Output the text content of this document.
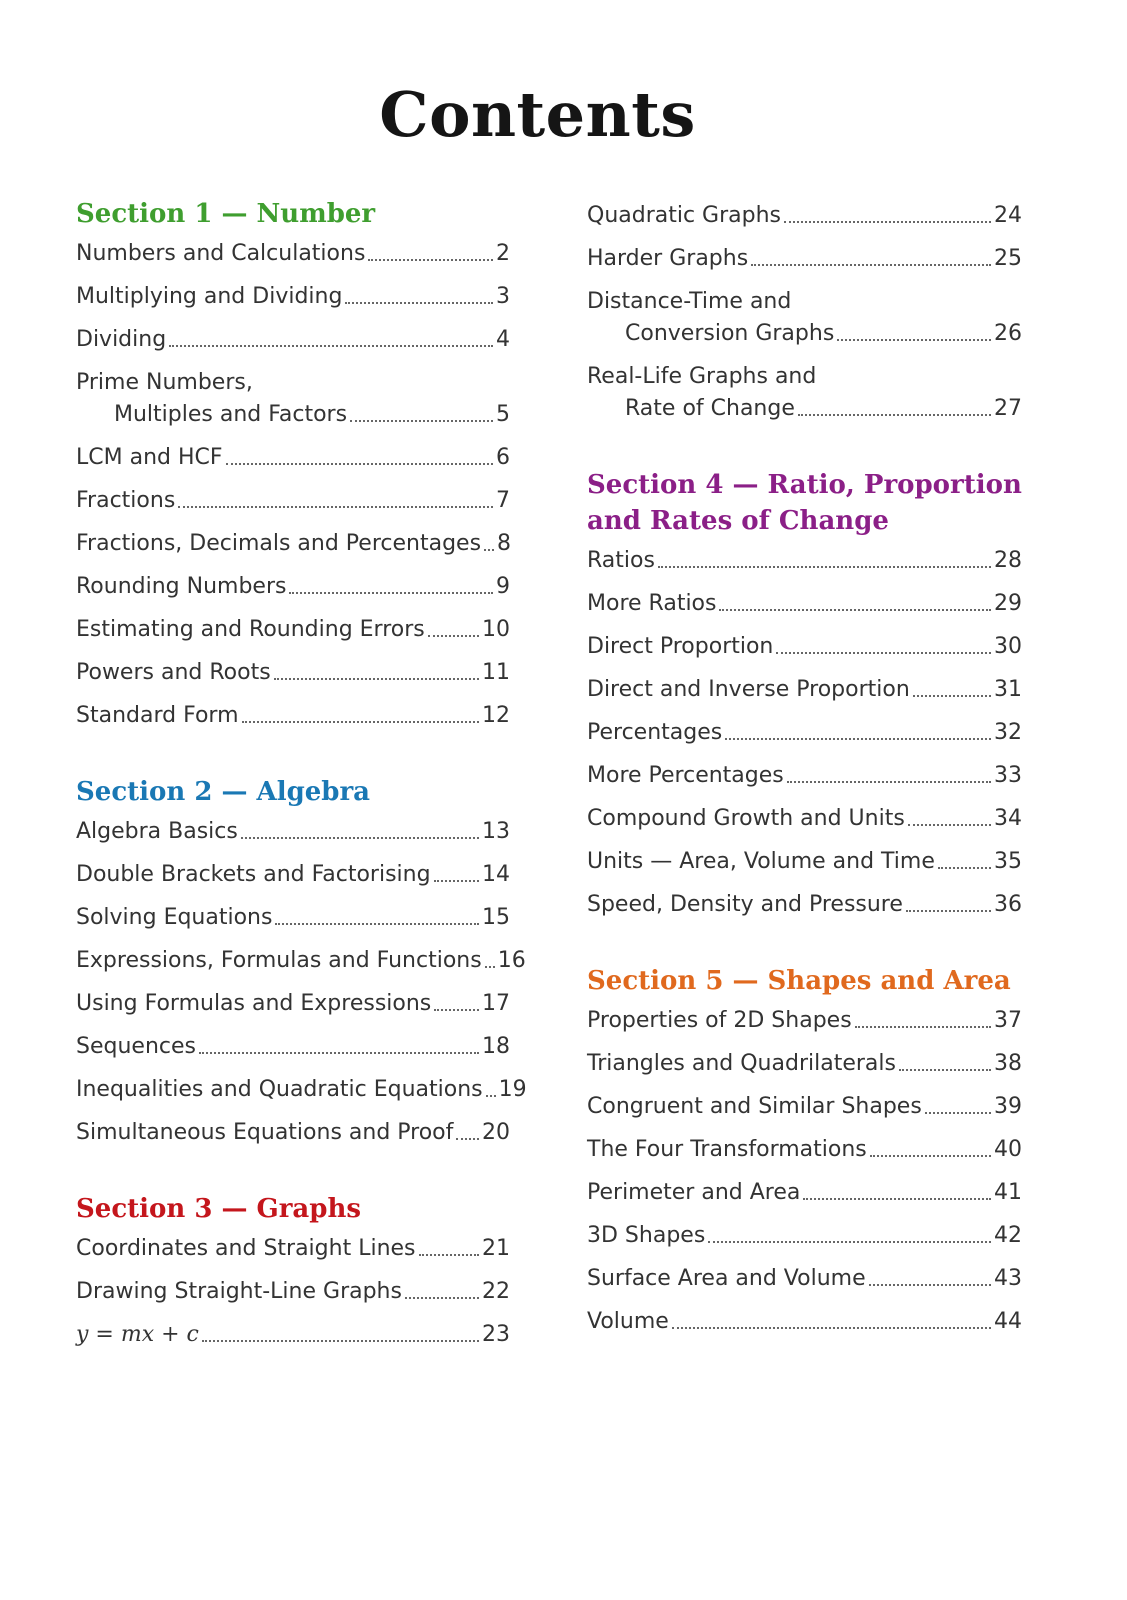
Contents
Section 1 — Number
Numbers and Calculations	2
Multiplying and Dividing	3
Dividing	4
Prime Numbers,
Multiples and Factors	5
LCM and HCF	6
Fractions	7
Fractions, Decimals and Percentages 8
Rounding Numbers	9
Estimating and Rounding Errors	10
Powers and Roots	11
Standard Form	12
Section 2 — Algebra
Algebra Basics	13
Double Brackets and Factorising 14
Solving Equations	15
Expressions, Formulas and Functions 16
Using Formulas and Expressions 17
Sequences	18
Inequalities and Quadratic Equations 19
Simultaneous Equations and Proof 20
Section 3 — Graphs
Coordinates and Straight Lines	21
Drawing Straight-Line Graphs	22
y = mx + c	23
Quadratic Graphs	24
Harder Graphs	25
Distance-Time and
Conversion Graphs	26
Real-Life Graphs and
Rate of Change	27
Section 4 — Ratio, Proportion and Rates of Change
Ratios	28
More Ratios	29
Direct Proportion	30
Direct and Inverse Proportion	31
Percentages	32
More Percentages	33
Compound Growth and Units	34
Units — Area, Volume and Time	35
Speed, Density and Pressure	36
Section 5 — Shapes and Area
Properties of 2D Shapes	37
Triangles and Quadrilaterals	38
Congruent and Similar Shapes	39
The Four Transformations	40
Perimeter and Area	41
3D Shapes	42
Surface Area and Volume	43
Volume	44
